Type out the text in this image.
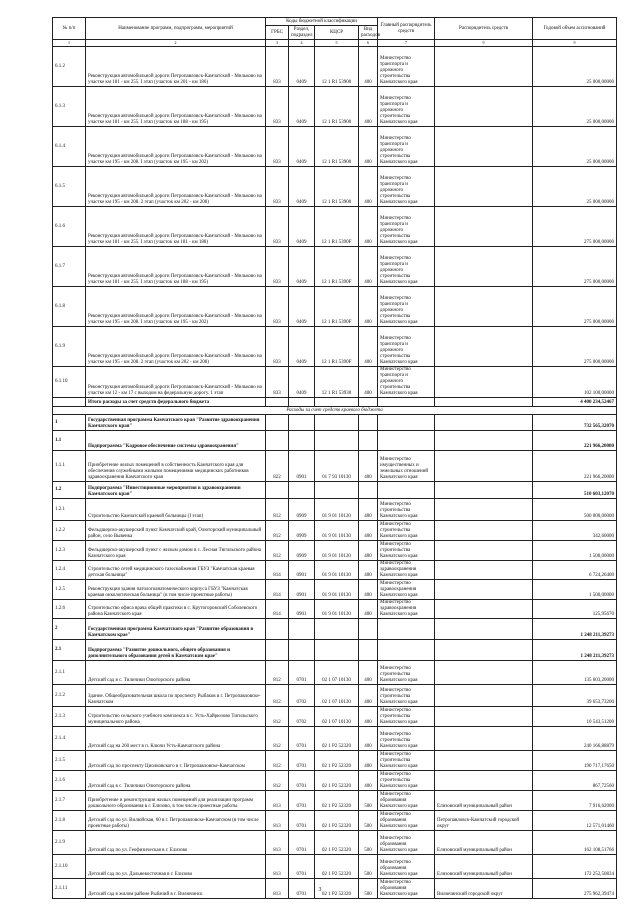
№ п/п	Наименование программ, подпрограмм, мероприятий	Коды бюджетной классификации				Главный распорядитель средств	Распорядитель средств	Годовой объем ассигнований
		ГРБС	Раздел, подраздел	КЦСР	Вид расходов			
1	2	3	4	5	6	7	9	9
6.1.2	Реконструкция автомобильной дороги Петропавловск-Камчатский - Мильково на участке км 181 - км 255. I этап (участок км 201 - км 186)	833	0409	12 1 R1 53900	400	Министерство транспорта и дорожного строительства Камчатского края		25 000,00000
6.1.3	Реконструкция автомобильной дороги Петропавловск-Камчатский - Мильково на участке км 181 - км 255. I этап (участок км 188 - км 195)	833	0409	12 1 R1 53900	400	Министерство транспорта и дорожного строительства Камчатского края		25 000,00000
6.1.4	Реконструкция автомобильной дороги Петропавловск-Камчатский - Мильково на участке км 195 - км 208. I этап (участок км 195 - км 202)	833	0409	12 1 R1 53900	400	Министерство транспорта и дорожного строительства Камчатского края		25 000,00000
6.1.5	Реконструкция автомобильной дороги Петропавловск-Камчатский - Мильково на участке км 195 - км 208. 2 этап (участок км 202 - км 208)	833	0409	12 1 R1 53900	400	Министерство транспорта и дорожного строительства Камчатского края		25 000,00000
6.1.6	Реконструкция автомобильной дороги Петропавловск-Камчатский - Мильково на участке км 181 - км 255. I этап (участок км 181 - км 188)	833	0409	12 1 R1 5390F	400	Министерство транспорта и дорожного строительства Камчатского края		275 000,00000
6.1.7	Реконструкция автомобильной дороги Петропавловск-Камчатский - Мильково на участке км 181 - км 255. I этап (участок км 188 - км 195)	833	0409	12 1 R1 5390F	400	Министерство транспорта и дорожного строительства Камчатского края		275 000,00000
6.1.8	Реконструкция автомобильной дороги Петропавловск-Камчатский - Мильково на участке км 195 - км 208. I этап (участок км 195 - км 202)	833	0409	12 1 R1 5390F	400	Министерство транспорта и дорожного строительства Камчатского края		275 000,00000
6.1.9	Реконструкция автомобильной дороги Петропавловск-Камчатский - Мильково на участке км 195 - км 208. 2 этап (участок км 202 - км 208)	833	0409	12 1 R1 5390F	400	Министерство транспорта и дорожного строительства Камчатского края		275 000,00000
6.1.10	Реконструкция автомобильной дороги Петропавловск-Камчатский - Мильково на участке км 12 - км 17 с выходом на федеральную дорогу. 1 этап	833	0409	12 1 R1 53930	400	Министерство транспорта и дорожного строительства Камчатского края		102 100,00000
	Итого расходы за счет средств федерального бюджета							4 400 234,52467
Расходы за счет средств краевого бюджета								
1	Государственная программа Камчатского края "Развитие здравоохранения Камчатского края"							732 565,32070
1.1	Подпрограмма "Кадровое обеспечение системы здравоохранения"							221 966,20000
1.1.1	Приобретение жилых помещений в собственность Камчатского края для обеспечения служебными жилыми помещениями медицинских работников здравоохранения Камчатского края	822	0901	01 7 93 10130	400	Министерство имущественных и земельных отношений Камчатского края		221 966,20000
1.2	Подпрограмма "Инвестиционные мероприятия в здравоохранении Камчатского края"							510 603,12070
1.2.1	Строительство Камчатской краевой больницы (I этап)	812	0909	01 9 01 10130	400	Министерство строительства Камчатского края		500 000,00000
1.2.2	Фельдшерско-акушерский пункт Камчатский край, Олюторский муниципальный район, село Вывенка	812	0909	01 9 01 10130	400	Министерство строительства Камчатского края		342,60000
1.2.3	Фельдшерско-акушерский пункт с жилым домом в с. Лесная Тигильского района Камчатского края	812	0909	01 9 01 10130	400	Министерство строительства Камчатского края		1 500,00000
1.2.4	Строительство сетей медицинского газоснабжения ГБУЗ "Камчатская краевая детская больница"	814	0901	01 9 01 10130	400	Министерство здравоохранения Камчатского края		6 724,26400
1.2.5	Реконструкция здания патологоанатомического корпуса ГБУЗ "Камчатская краевая онкологическая больница" (в том числе проектные работы)	814	0901	01 9 01 10130	400	Министерство здравоохранения Камчатского края		1 500,00000
1.2.6	Строительство офиса врача общей практики в с. Крутогоровский Соболевского района Камчатского края	814	0901	01 9 01 10130	400	Министерство здравоохранения Камчатского края		125,95670
2	Государственная программа Камчатского края "Развитие образования в Камчатском крае"							1 248 211,39273
2.1	Подпрограмма "Развитие дошкольного, общего образования и дополнительного образования детей в Камчатском крае"							1 248 211,39273
2.1.1	Детский сад в с. Тиличики Олюторского района	812	0701	02 1 07 10130	400	Министерство строительства Камчатского края		135 603,20000
2.1.2	Здание. Общеобразовательная школа по проспекту Рыбаков в г. Петропавловске-Камчатском	812	0702	02 1 07 10130	400	Министерство строительства Камчатского края		39 653,73200
2.1.3	Строительство сельского учебного комплекса в с. Усть-Хайрюзово Тигильского муниципального района	812	0702	02 1 07 10130	400	Министерство строительства Камчатского края		10 543,51200
2.1.4	Детский сад на 260 мест в п. Ключи Усть-Камчатского района	812	0701	02 1 P2 52320	400	Министерство строительства Камчатского края		240 166,88879
2.1.5	Детский сад по проспекту Циолковского в г. Петропавловске-Камчатском	812	0701	02 1 P2 52320	400	Министерство строительства Камчатского края		190 717,17650
2.1.6	Детский сад в с. Тиличики Олюторского района	812	0701	02 1 P2 52320	400	Министерство строительства Камчатского края		867,72560
2.1.7	Приобретение и реконструкция жилых помещений для реализации программ дошкольного образования в г. Елизово, в том числе проектные работы	813	0701	02 1 P2 52320	500	Министерство образования Камчатского края	Елизовский муниципальный район	7 916,62000
2.1.8	Детский сад по ул. Вилюйская, 60 в г. Петропавловске-Камчатском (в том числе проектные работы)	813	0701	02 1 P2 52320	500	Министерство образования Камчатского края	Петропавловск-Камчатский городской округ	12 571,01460
2.1.9	Детский сад по ул. Геофизическая в г. Елизово	813	0701	02 1 P2 52320	500	Министерство образования Камчатского края	Елизовский муниципальный район	162 108,51766
2.1.10	Детский сад по ул. Дальневосточная в г. Елизово	813	0701	02 1 P2 52320	500	Министерство образования Камчатского края	Елизовский муниципальный район	172 252,50834
2.1.11	Детский сад в жилом районе Рыбачий в г. Вилючинск	813	0701	02 1 P2 52320	500	Министерство образования Камчатского края	Вилючинский городской округ	275 962,39474
3
